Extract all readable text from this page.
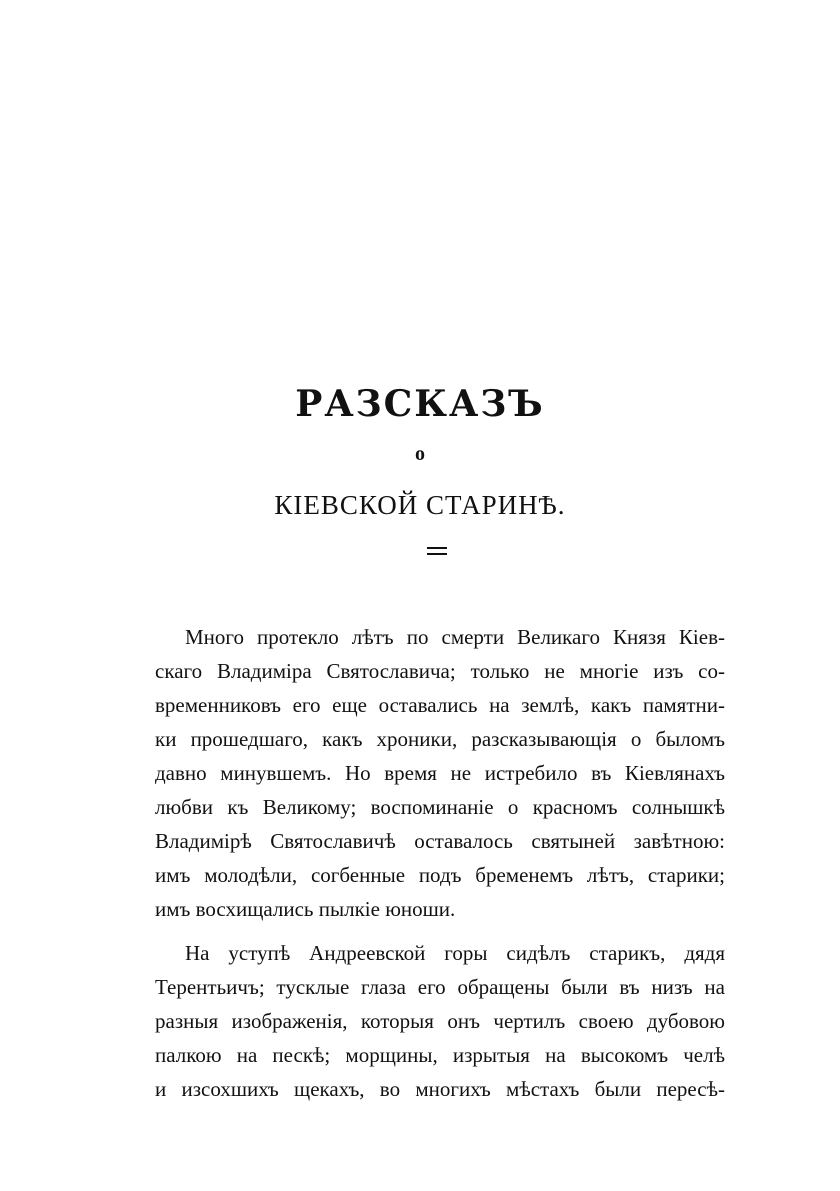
РАЗСКАЗЪ
о
КІЕВСКОЙ СТАРИНѢ.

Много протекло лѣтъ по смерти Великаго Князя Кіев-
скаго Владиміра Святославича; только не многіе изъ со-
временниковъ его еще оставались на землѣ, какъ памятни-
ки прошедшаго, какъ хроники, разсказывающія о быломъ
давно минувшемъ. Но время не истребило въ Кіевлянахъ
любви къ Великому; воспоминаніе о красномъ солнышкѣ
Владимірѣ Святославичѣ оставалось святыней завѣтною:
имъ молодѣли, согбенные подъ бременемъ лѣтъ, старики;
имъ восхищались пылкіе юноши.

На уступѣ Андреевской горы сидѣлъ старикъ, дядя
Терентьичъ; тусклые глаза его обращены были въ низъ на
разныя изображенія, которыя онъ чертилъ своею дубовою
палкою на пескѣ; морщины, изрытыя на высокомъ челѣ
и изсохшихъ щекахъ, во многихъ мѣстахъ были пересѣ-
